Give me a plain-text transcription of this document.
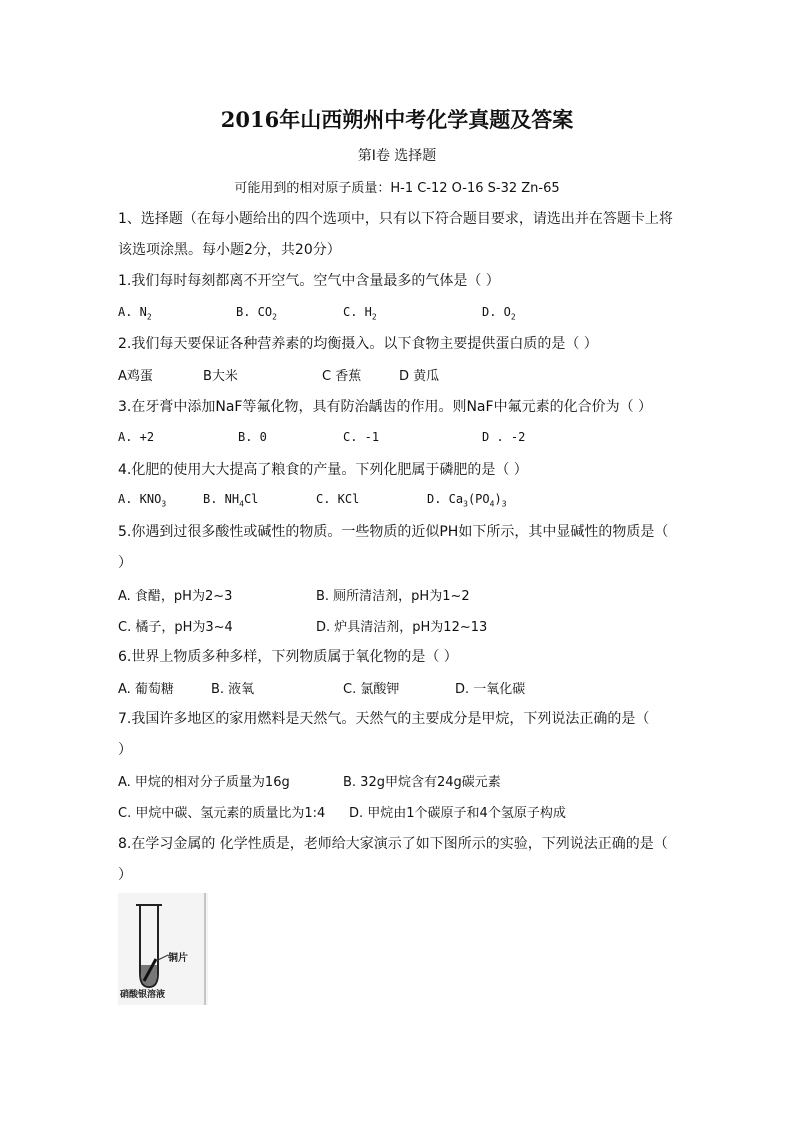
2016年山西朔州中考化学真题及答案
第Ⅰ卷 选择题
可能用到的相对原子质量：H-1 C-12 O-16 S-32 Zn-65
1、选择题（在每小题给出的四个选项中，只有以下符合题目要求，请选出并在答题卡上将
该选项涂黑。每小题2分，共20分）
1.我们每时每刻都离不开空气。空气中含量最多的气体是（ ）
A. $N_2$	B. $CO_2$	C. $H_2$	D. $O_2$
2.我们每天要保证各种营养素的均衡摄入。以下食物主要提供蛋白质的是（ ）
A鸡蛋	B大米	C 香蕉	D 黄瓜
3.在牙膏中添加NaF等氟化物，具有防治龋齿的作用。则NaF中氟元素的化合价为（ ）
A. +2	B. 0	C. -1	D . -2
4.化肥的使用大大提高了粮食的产量。下列化肥属于磷肥的是（ ）
A. $KNO_3$	B. $NH_4Cl$	C. KCl	D. $Ca_3(PO_4)_3$
5.你遇到过很多酸性或碱性的物质。一些物质的近似PH如下所示，其中显碱性的物质是（
）
A. 食醋，pH为2~3	B. 厕所清洁剂，pH为1~2
C. 橘子，pH为3~4	D. 炉具清洁剂，pH为12~13
6.世界上物质多种多样，下列物质属于氧化物的是（ ）
A. 葡萄糖	B. 液氧	C. 氯酸钾	D. 一氧化碳
7.我国许多地区的家用燃料是天然气。天然气的主要成分是甲烷，下列说法正确的是（
）
A. 甲烷的相对分子质量为16g	B. 32g甲烷含有24g碳元素
C. 甲烷中碳、氢元素的质量比为1:4 D. 甲烷由1个碳原子和4个氢原子构成
8.在学习金属的 化学性质是，老师给大家演示了如下图所示的实验，下列说法正确的是（
）
铜片
硝酸银溶液
